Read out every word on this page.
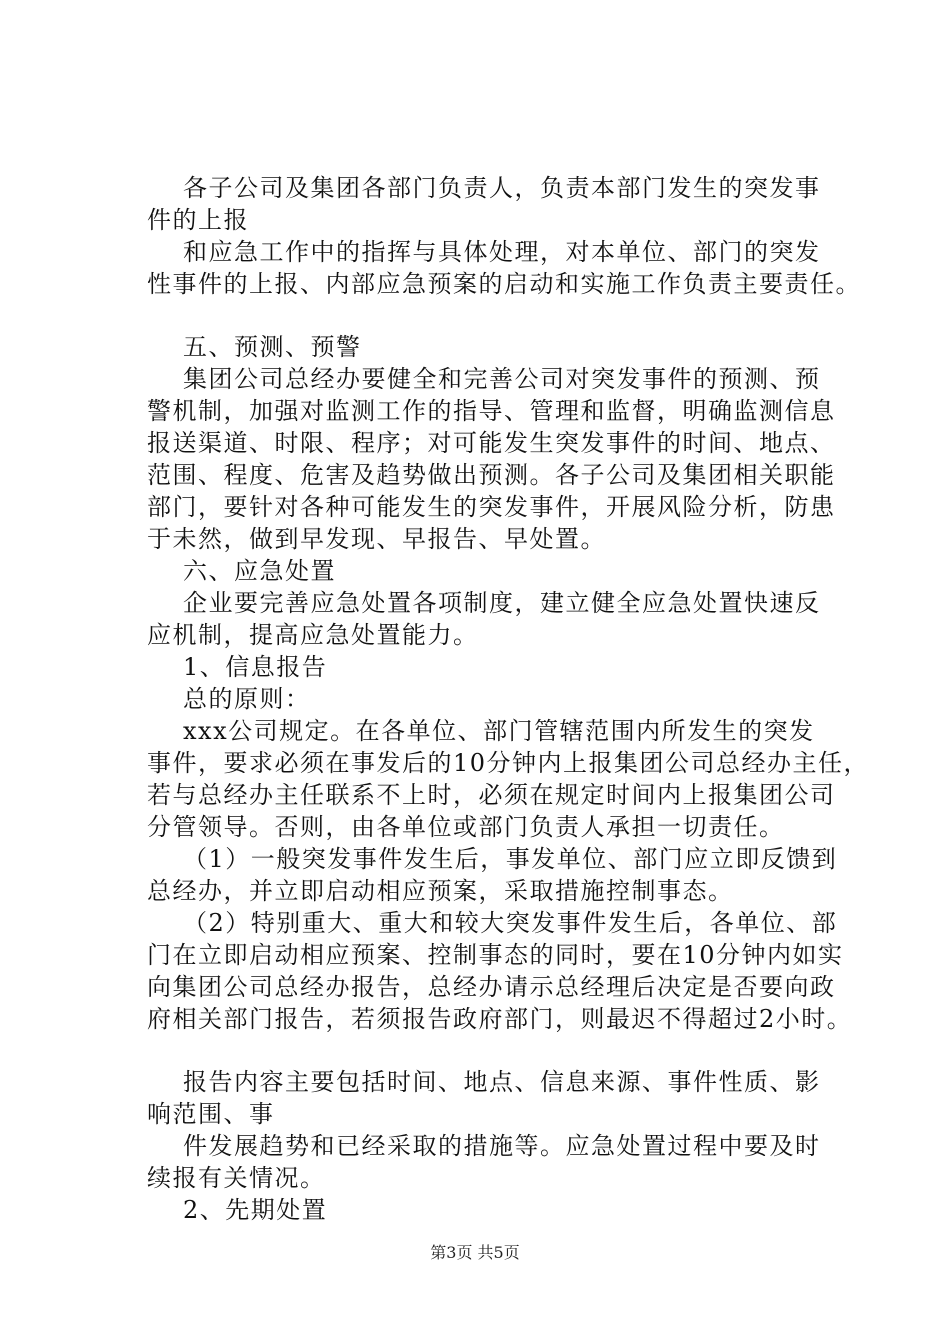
各子公司及集团各部门负责人，负责本部门发生的突发事
件的上报
和应急工作中的指挥与具体处理，对本单位、部门的突发
性事件的上报、内部应急预案的启动和实施工作负责主要责任。
五、预测、预警
集团公司总经办要健全和完善公司对突发事件的预测、预
警机制，加强对监测工作的指导、管理和监督，明确监测信息
报送渠道、时限、程序；对可能发生突发事件的时间、地点、
范围、程度、危害及趋势做出预测。各子公司及集团相关职能
部门，要针对各种可能发生的突发事件，开展风险分析，防患
于未然，做到早发现、早报告、早处置。
六、应急处置
企业要完善应急处置各项制度，建立健全应急处置快速反
应机制，提高应急处置能力。
1、信息报告
总的原则：
xxx公司规定。在各单位、部门管辖范围内所发生的突发
事件，要求必须在事发后的10分钟内上报集团公司总经办主任，
若与总经办主任联系不上时，必须在规定时间内上报集团公司
分管领导。否则，由各单位或部门负责人承担一切责任。
（1）一般突发事件发生后，事发单位、部门应立即反馈到
总经办，并立即启动相应预案，采取措施控制事态。
（2）特别重大、重大和较大突发事件发生后，各单位、部
门在立即启动相应预案、控制事态的同时，要在10分钟内如实
向集团公司总经办报告，总经办请示总经理后决定是否要向政
府相关部门报告，若须报告政府部门，则最迟不得超过2小时。
报告内容主要包括时间、地点、信息来源、事件性质、影
响范围、事
件发展趋势和已经采取的措施等。应急处置过程中要及时
续报有关情况。
2、先期处置
第3页 共5页
